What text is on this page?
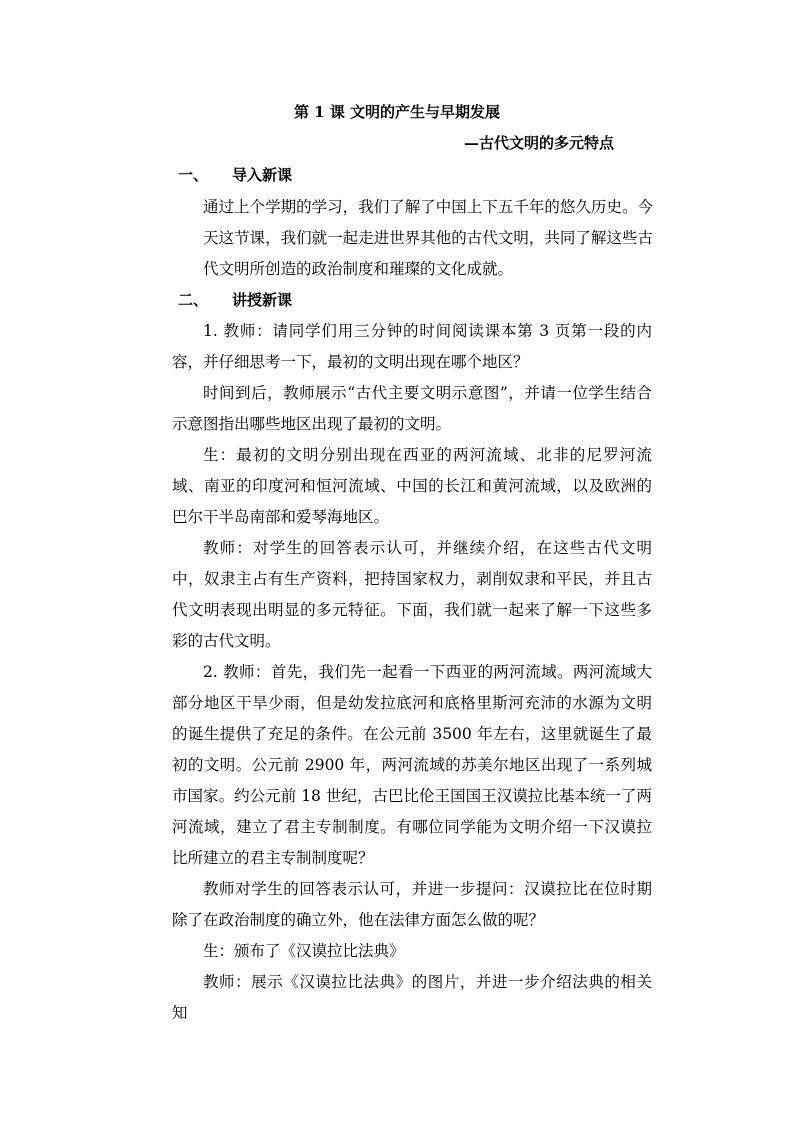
第 1 课 文明的产生与早期发展
—古代文明的多元特点
一、 导入新课
通过上个学期的学习，我们了解了中国上下五千年的悠久历史。今天这节课，我们就一起走进世界其他的古代文明，共同了解这些古代文明所创造的政治制度和璀璨的文化成就。
二、 讲授新课
1. 教师：请同学们用三分钟的时间阅读课本第 3 页第一段的内容，并仔细思考一下，最初的文明出现在哪个地区？
时间到后，教师展示“古代主要文明示意图”，并请一位学生结合示意图指出哪些地区出现了最初的文明。
生：最初的文明分别出现在西亚的两河流域、北非的尼罗河流域、南亚的印度河和恒河流域、中国的长江和黄河流域，以及欧洲的巴尔干半岛南部和爱琴海地区。
教师：对学生的回答表示认可，并继续介绍，在这些古代文明中，奴隶主占有生产资料，把持国家权力，剥削奴隶和平民，并且古代文明表现出明显的多元特征。下面，我们就一起来了解一下这些多彩的古代文明。
2. 教师：首先，我们先一起看一下西亚的两河流域。两河流域大部分地区干旱少雨，但是幼发拉底河和底格里斯河充沛的水源为文明的诞生提供了充足的条件。在公元前 3500 年左右，这里就诞生了最初的文明。公元前 2900 年，两河流域的苏美尔地区出现了一系列城市国家。约公元前 18 世纪，古巴比伦王国国王汉谟拉比基本统一了两河流域，建立了君主专制制度。有哪位同学能为文明介绍一下汉谟拉比所建立的君主专制制度呢？
教师对学生的回答表示认可，并进一步提问：汉谟拉比在位时期除了在政治制度的确立外，他在法律方面怎么做的呢？
生：颁布了《汉谟拉比法典》
教师：展示《汉谟拉比法典》的图片，并进一步介绍法典的相关知
